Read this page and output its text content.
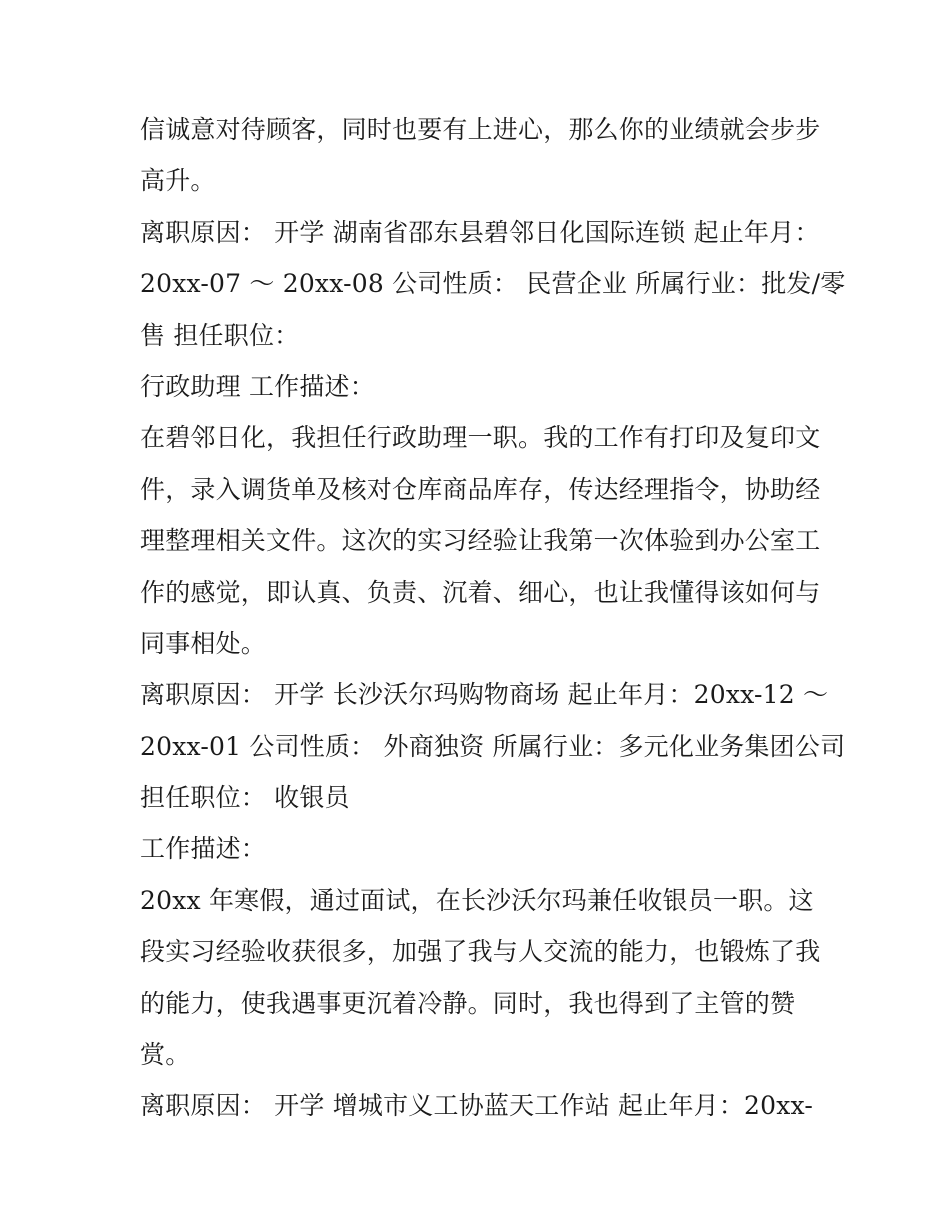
信诚意对待顾客，同时也要有上进心，那么你的业绩就会步步
高升。
离职原因： 开学 湖南省邵东县碧邻日化国际连锁 起止年月：
20xx-07 ～ 20xx-08 公司性质： 民营企业 所属行业：批发/零
售 担任职位：
行政助理 工作描述：
在碧邻日化，我担任行政助理一职。我的工作有打印及复印文
件，录入调货单及核对仓库商品库存，传达经理指令，协助经
理整理相关文件。这次的实习经验让我第一次体验到办公室工
作的感觉，即认真、负责、沉着、细心，也让我懂得该如何与
同事相处。
离职原因： 开学 长沙沃尔玛购物商场 起止年月：20xx-12 ～
20xx-01 公司性质： 外商独资 所属行业：多元化业务集团公司
担任职位： 收银员
工作描述：
20xx 年寒假，通过面试，在长沙沃尔玛兼任收银员一职。这
段实习经验收获很多，加强了我与人交流的能力，也锻炼了我
的能力，使我遇事更沉着冷静。同时，我也得到了主管的赞
赏。
离职原因： 开学 增城市义工协蓝天工作站 起止年月：20xx-
